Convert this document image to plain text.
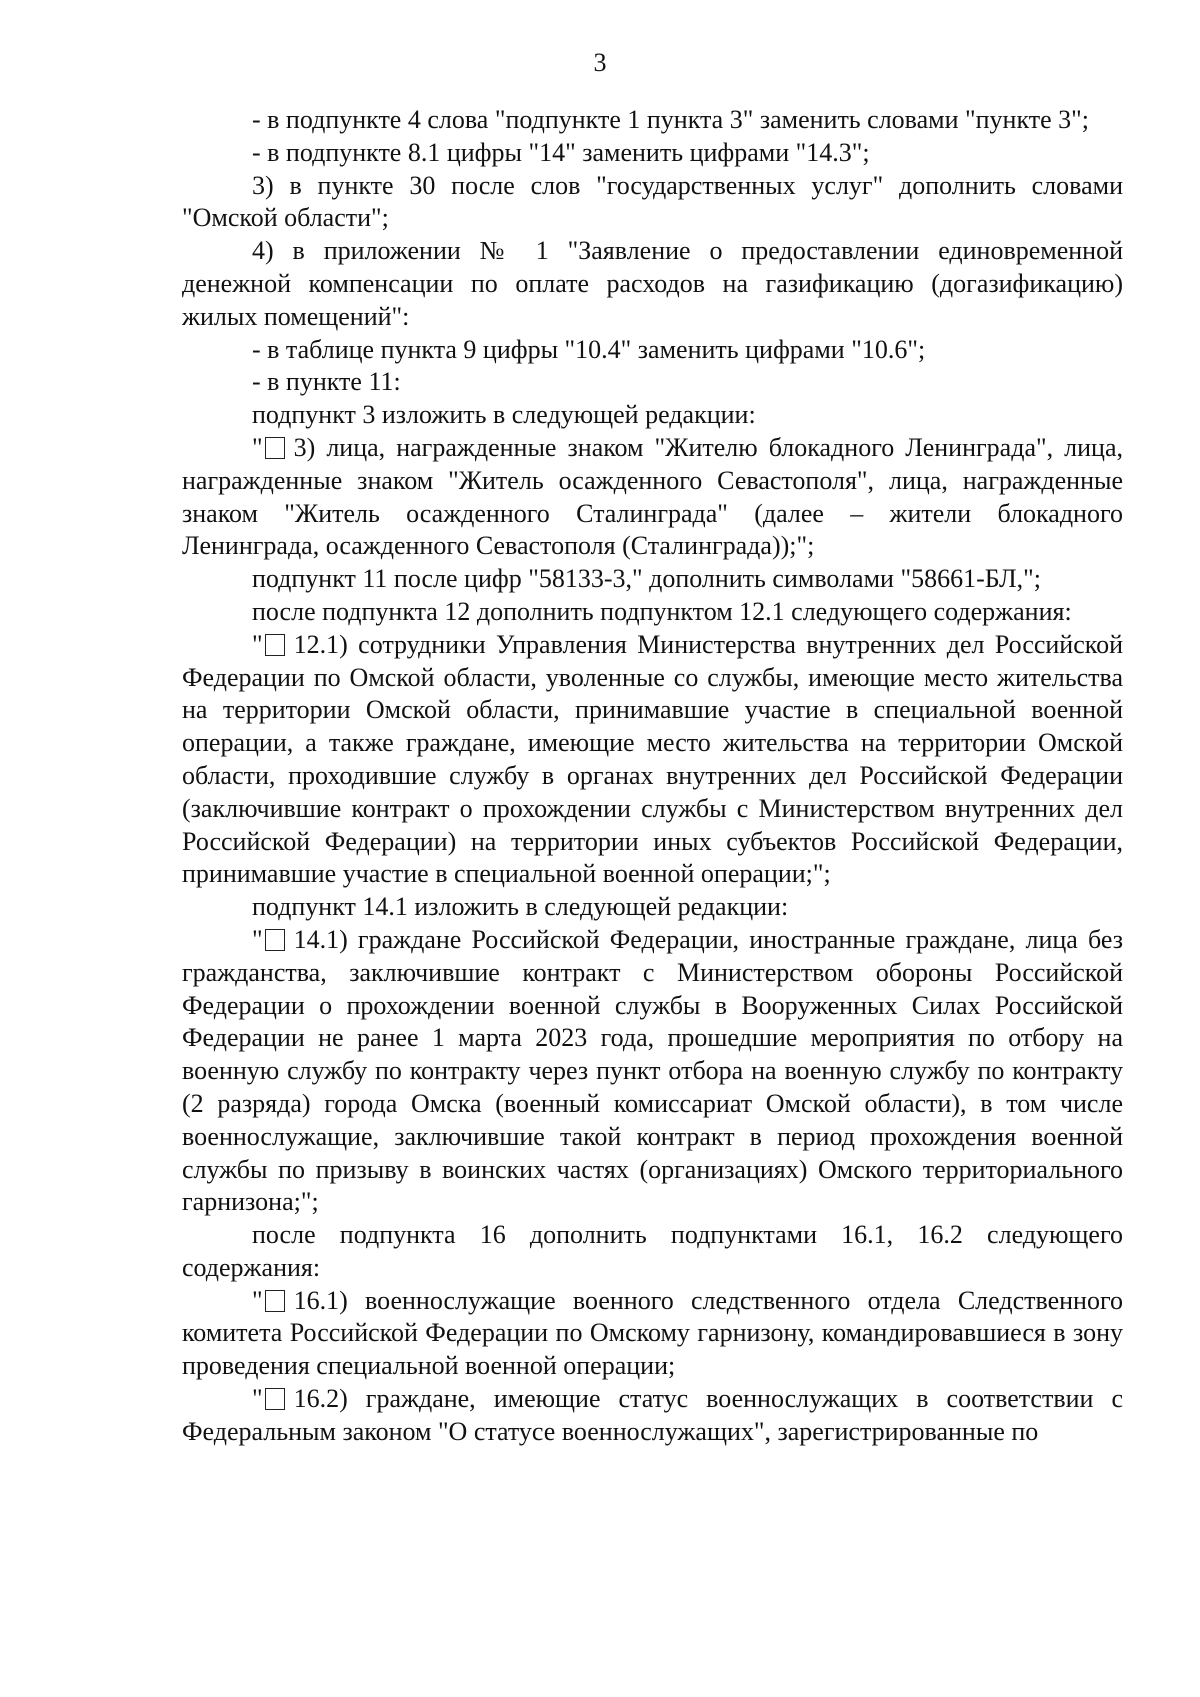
3

- в подпункте 4 слова "подпункте 1 пункта 3" заменить словами "пункте 3";

- в подпункте 8.1 цифры "14" заменить цифрами "14.3";

3) в пункте 30 после слов "государственных услуг" дополнить словами "Омской области";

4) в приложении № 1 "Заявление о предоставлении единовременной денежной компенсации по оплате расходов на газификацию (догазификацию) жилых помещений":

- в таблице пункта 9 цифры "10.4" заменить цифрами "10.6";

- в пункте 11:

подпункт 3 изложить в следующей редакции:

" 3) лица, награжденные знаком "Жителю блокадного Ленинграда", лица, награжденные знаком "Житель осажденного Севастополя", лица, награжденные знаком "Житель осажденного Сталинграда" (далее – жители блокадного Ленинграда, осажденного Севастополя (Сталинграда));";

подпункт 11 после цифр "58133-3," дополнить символами "58661-БЛ,";

после подпункта 12 дополнить подпунктом 12.1 следующего содержания:

" 12.1) сотрудники Управления Министерства внутренних дел Российской Федерации по Омской области, уволенные со службы, имеющие место жительства на территории Омской области, принимавшие участие в специальной военной операции, а также граждане, имеющие место жительства на территории Омской области, проходившие службу в органах внутренних дел Российской Федерации (заключившие контракт о прохождении службы с Министерством внутренних дел Российской Федерации) на территории иных субъектов Российской Федерации, принимавшие участие в специальной военной операции;";

подпункт 14.1 изложить в следующей редакции:

" 14.1) граждане Российской Федерации, иностранные граждане, лица без гражданства, заключившие контракт с Министерством обороны Российской Федерации о прохождении военной службы в Вооруженных Силах Российской Федерации не ранее 1 марта 2023 года, прошедшие мероприятия по отбору на военную службу по контракту через пункт отбора на военную службу по контракту (2 разряда) города Омска (военный комиссариат Омской области), в том числе военнослужащие, заключившие такой контракт в период прохождения военной службы по призыву в воинских частях (организациях) Омского территориального гарнизона;";

после подпункта 16 дополнить подпунктами 16.1, 16.2 следующего содержания:

" 16.1) военнослужащие военного следственного отдела Следственного комитета Российской Федерации по Омскому гарнизону, командировавшиеся в зону проведения специальной военной операции;

" 16.2) граждане, имеющие статус военнослужащих в соответствии с Федеральным законом "О статусе военнослужащих", зарегистрированные по
